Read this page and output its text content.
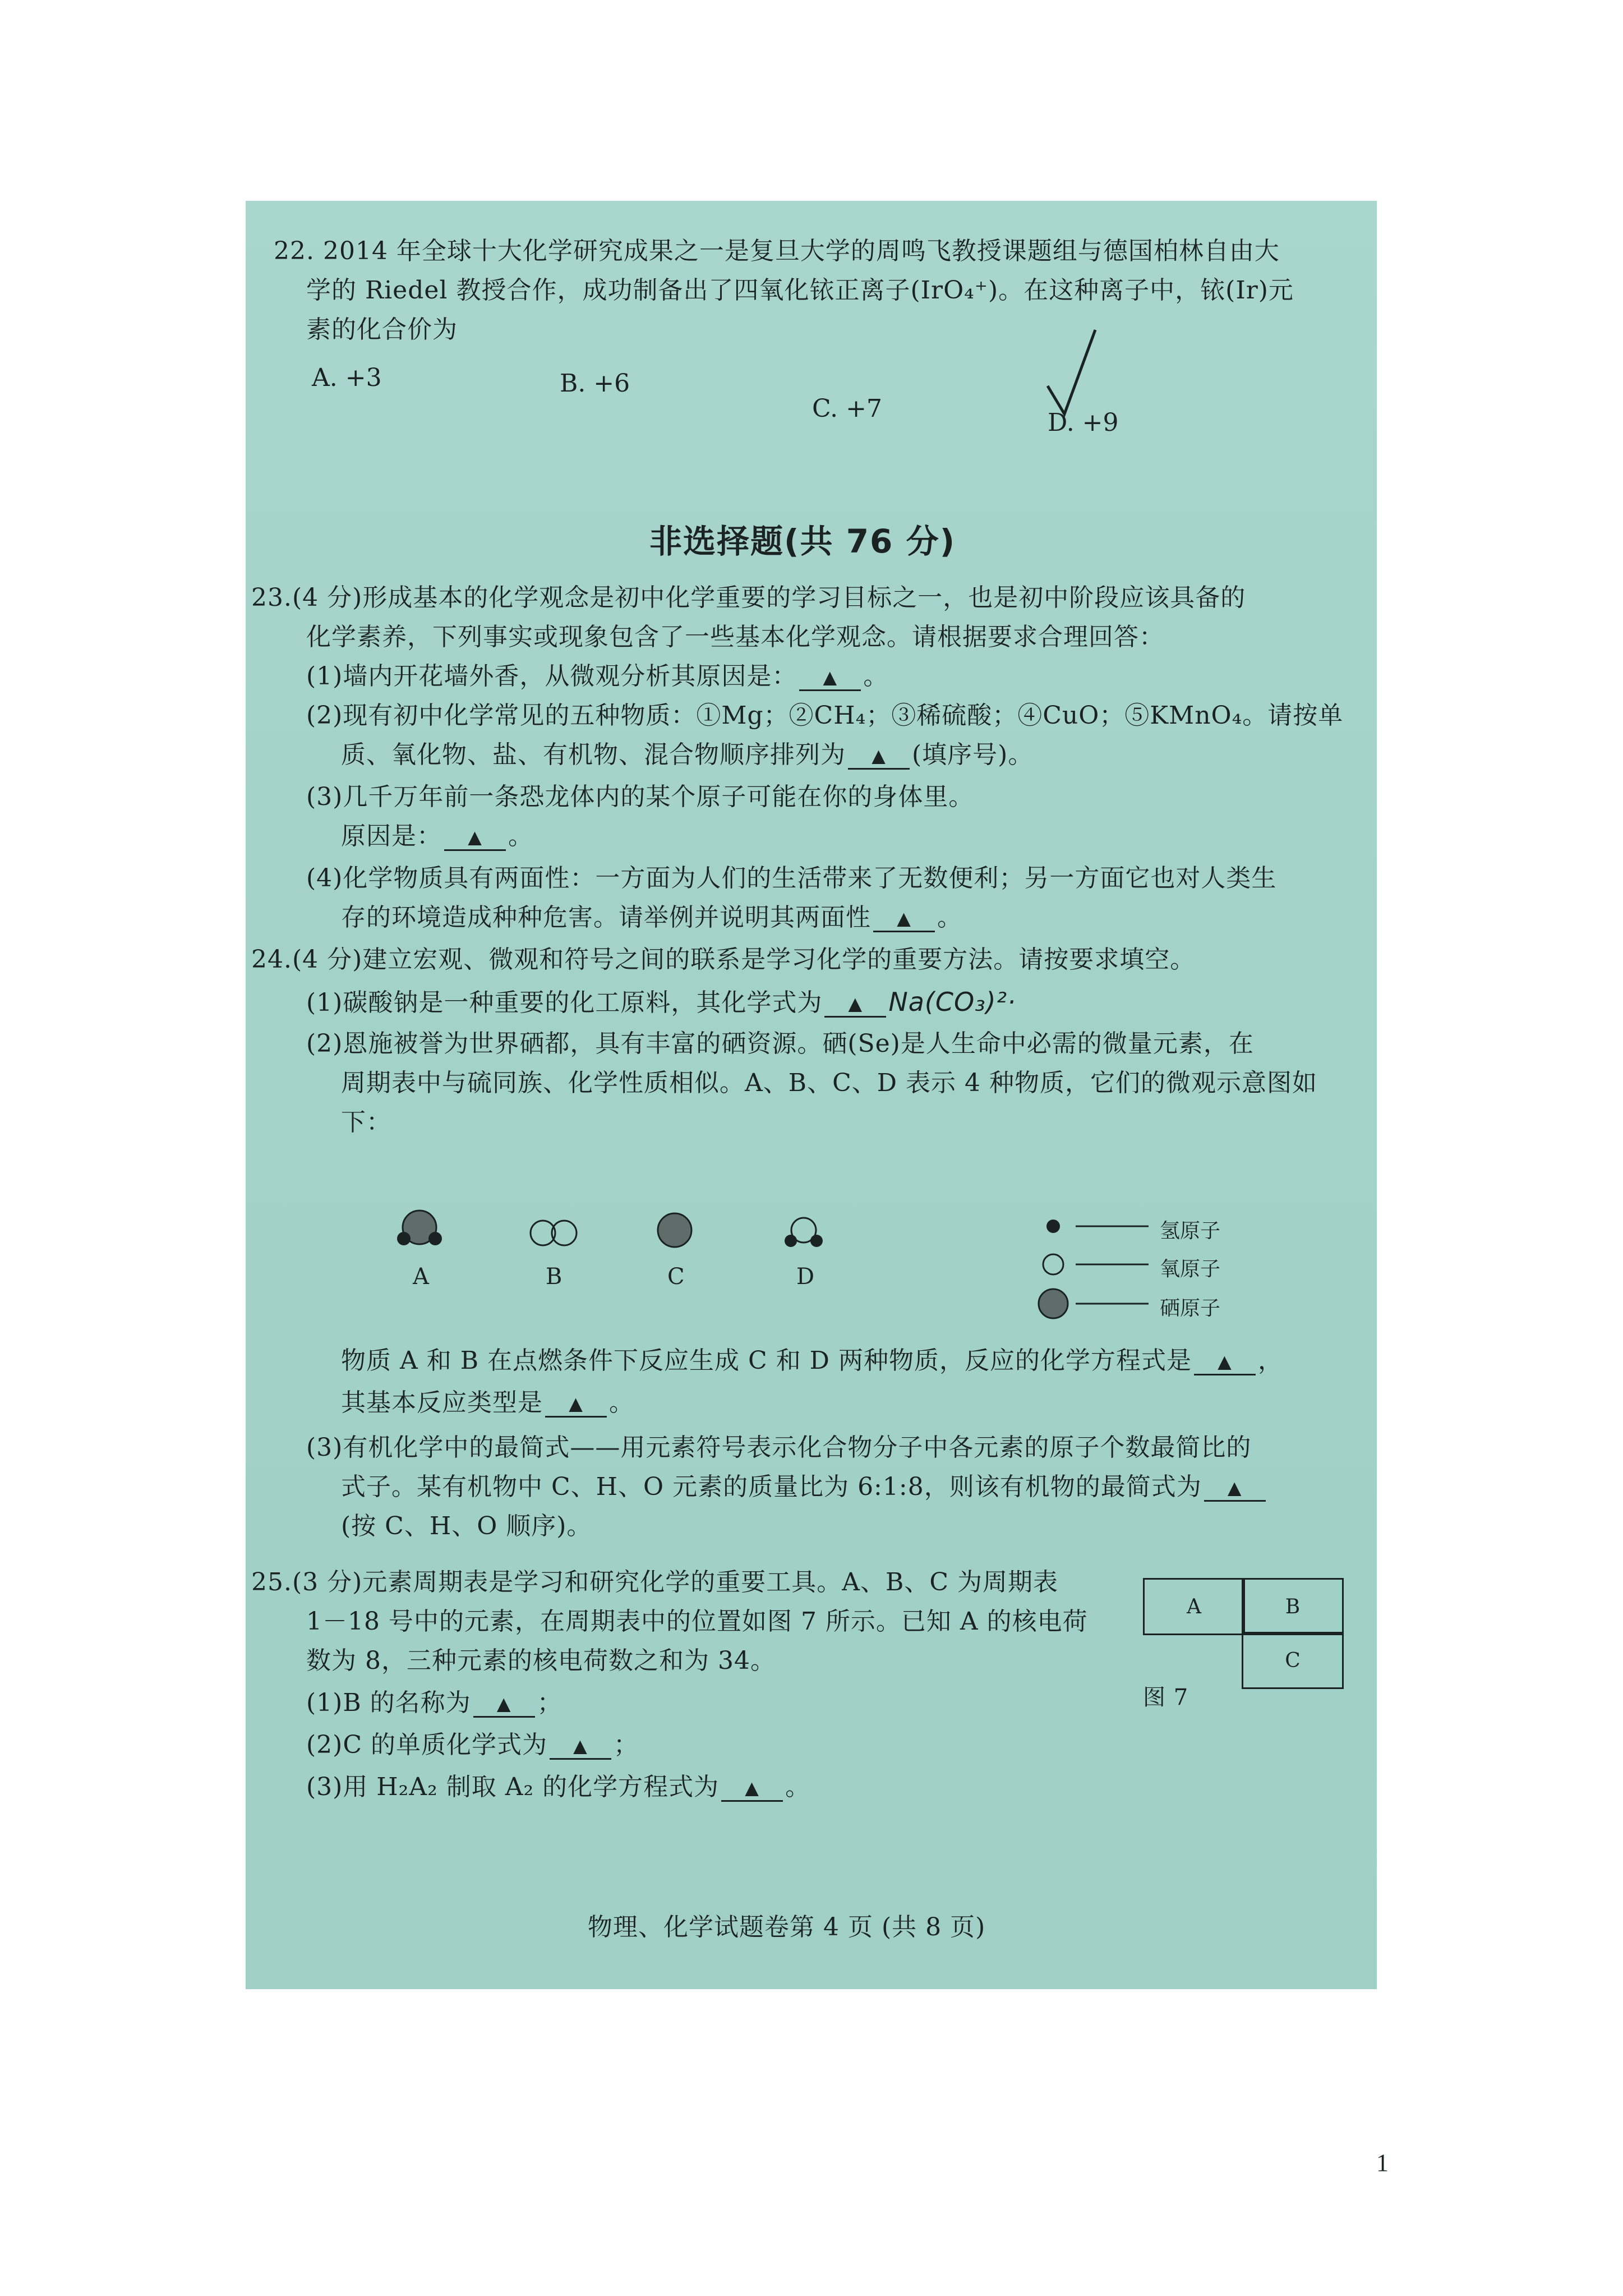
22. 2014 年全球十大化学研究成果之一是复旦大学的周鸣飞教授课题组与德国柏林自由大
学的 Riedel 教授合作，成功制备出了四氧化铱正离子(IrO₄⁺)。在这种离子中，铱(Ir)元
素的化合价为
A. +3	B. +6
C. +7	D. +9
非选择题(共 76 分)
23.(4 分)形成基本的化学观念是初中化学重要的学习目标之一，也是初中阶段应该具备的
化学素养，下列事实或现象包含了一些基本化学观念。请根据要求合理回答：
(1)墙内开花墙外香，从微观分析其原因是： ▲ 。
(2)现有初中化学常见的五种物质：①Mg；②CH₄；③稀硫酸；④CuO；⑤KMnO₄。请按单
质、氧化物、盐、有机物、混合物顺序排列为 ▲ (填序号)。
(3)几千万年前一条恐龙体内的某个原子可能在你的身体里。
原因是： ▲ 。
(4)化学物质具有两面性：一方面为人们的生活带来了无数便利；另一方面它也对人类生
存的环境造成种种危害。请举例并说明其两面性 ▲ 。
24.(4 分)建立宏观、微观和符号之间的联系是学习化学的重要方法。请按要求填空。
(1)碳酸钠是一种重要的化工原料，其化学式为 ▲ Na(CO₃)²·
(2)恩施被誉为世界硒都，具有丰富的硒资源。硒(Se)是人生命中必需的微量元素，在
周期表中与硫同族、化学性质相似。A、B、C、D 表示 4 种物质，它们的微观示意图如
下：
A	B	C	D
氢原子
氧原子
硒原子
物质 A 和 B 在点燃条件下反应生成 C 和 D 两种物质，反应的化学方程式是 ▲ ，
其基本反应类型是 ▲ 。
(3)有机化学中的最简式——用元素符号表示化合物分子中各元素的原子个数最简比的
式子。某有机物中 C、H、O 元素的质量比为 6:1:8，则该有机物的最简式为 ▲
(按 C、H、O 顺序)。
25.(3 分)元素周期表是学习和研究化学的重要工具。A、B、C 为周期表
1－18 号中的元素，在周期表中的位置如图 7 所示。已知 A 的核电荷
数为 8，三种元素的核电荷数之和为 34。
(1)B 的名称为 ▲ ；
(2)C 的单质化学式为 ▲ ；
(3)用 H₂A₂ 制取 A₂ 的化学方程式为 ▲ 。
A	B
C
图 7
物理、化学试题卷第 4 页 (共 8 页)
1
